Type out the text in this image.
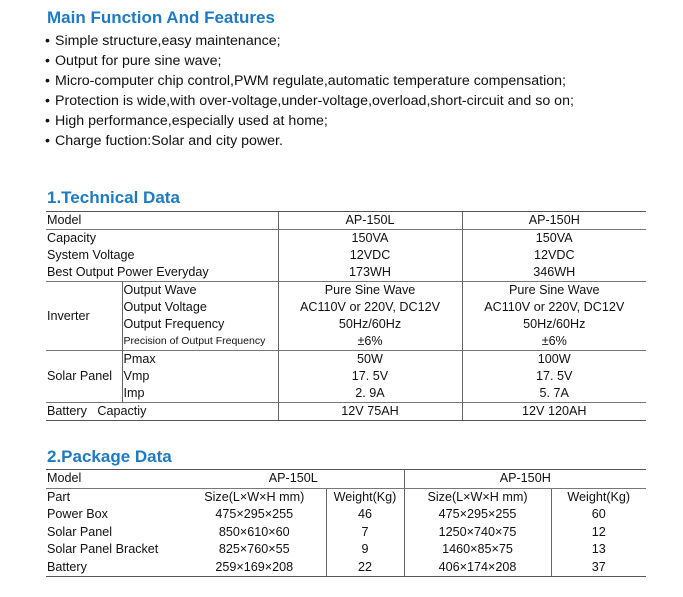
Main Function And Features
• Simple structure,easy maintenance;
• Output for pure sine wave;
• Micro-computer chip control,PWM regulate,automatic temperature compensation;
• Protection is wide,with over-voltage,under-voltage,overload,short-circuit and so on;
• High performance,especially used at home;
• Charge fuction:Solar and city power.
1.Technical Data
Model		AP-150L	AP-150H
Capacity		150VA	150VA
System Voltage		12VDC	12VDC
Best Output Power Everyday		173WH	346WH
Inverter	Output Wave	Pure Sine Wave	Pure Sine Wave
	Output Voltage	AC110V or 220V, DC12V	AC110V or 220V, DC12V
	Output Frequency	50Hz/60Hz	50Hz/60Hz
	Precision of Output Frequency	±6%	±6%
Solar Panel	Pmax	50W	100W
	Vmp	17. 5V	17. 5V
	Imp	2. 9A	5. 7A
Battery   Capactiy		12V 75AH	12V 120AH
2.Package Data
Model	AP-150L		AP-150H	
Part	Size(L×W×H mm)	Weight(Kg)	Size(L×W×H mm)	Weight(Kg)
Power Box	475×295×255	46	475×295×255	60
Solar Panel	850×610×60	7	1250×740×75	12
Solar Panel Bracket	825×760×55	9	1460×85×75	13
Battery	259×169×208	22	406×174×208	37
